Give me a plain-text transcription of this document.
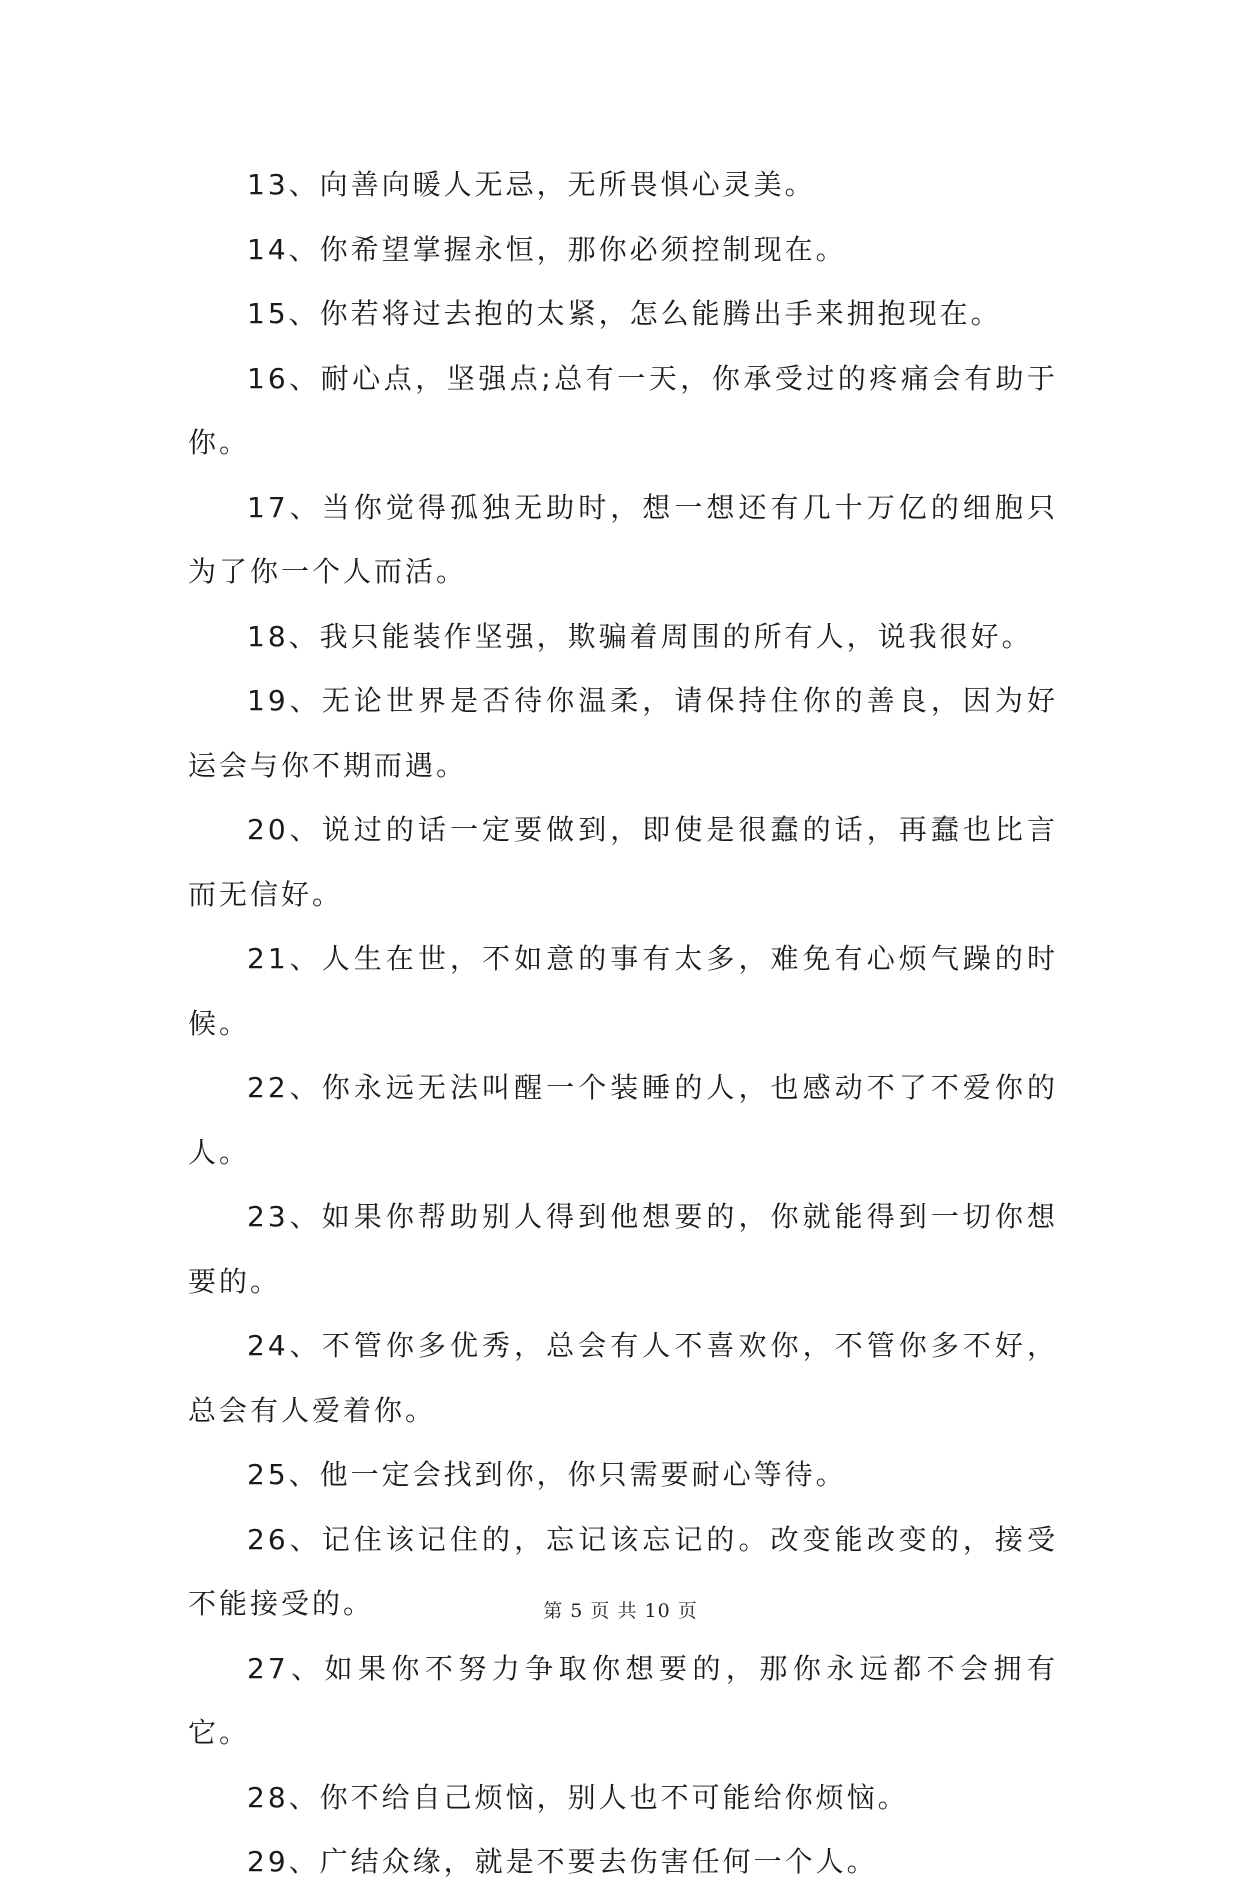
13、向善向暖人无忌，无所畏惧心灵美。

14、你希望掌握永恒，那你必须控制现在。

15、你若将过去抱的太紧，怎么能腾出手来拥抱现在。

16、耐心点，坚强点;总有一天，你承受过的疼痛会有助于你。

17、当你觉得孤独无助时，想一想还有几十万亿的细胞只为了你一个人而活。

18、我只能装作坚强，欺骗着周围的所有人，说我很好。

19、无论世界是否待你温柔，请保持住你的善良，因为好运会与你不期而遇。

20、说过的话一定要做到，即使是很蠢的话，再蠢也比言而无信好。

21、人生在世，不如意的事有太多，难免有心烦气躁的时候。

22、你永远无法叫醒一个装睡的人，也感动不了不爱你的人。

23、如果你帮助别人得到他想要的，你就能得到一切你想要的。

24、不管你多优秀，总会有人不喜欢你，不管你多不好，总会有人爱着你。

25、他一定会找到你，你只需要耐心等待。

26、记住该记住的，忘记该忘记的。改变能改变的，接受不能接受的。

27、如果你不努力争取你想要的，那你永远都不会拥有它。

28、你不给自己烦恼，别人也不可能给你烦恼。

29、广结众缘，就是不要去伤害任何一个人。

第 5 页 共 10 页
